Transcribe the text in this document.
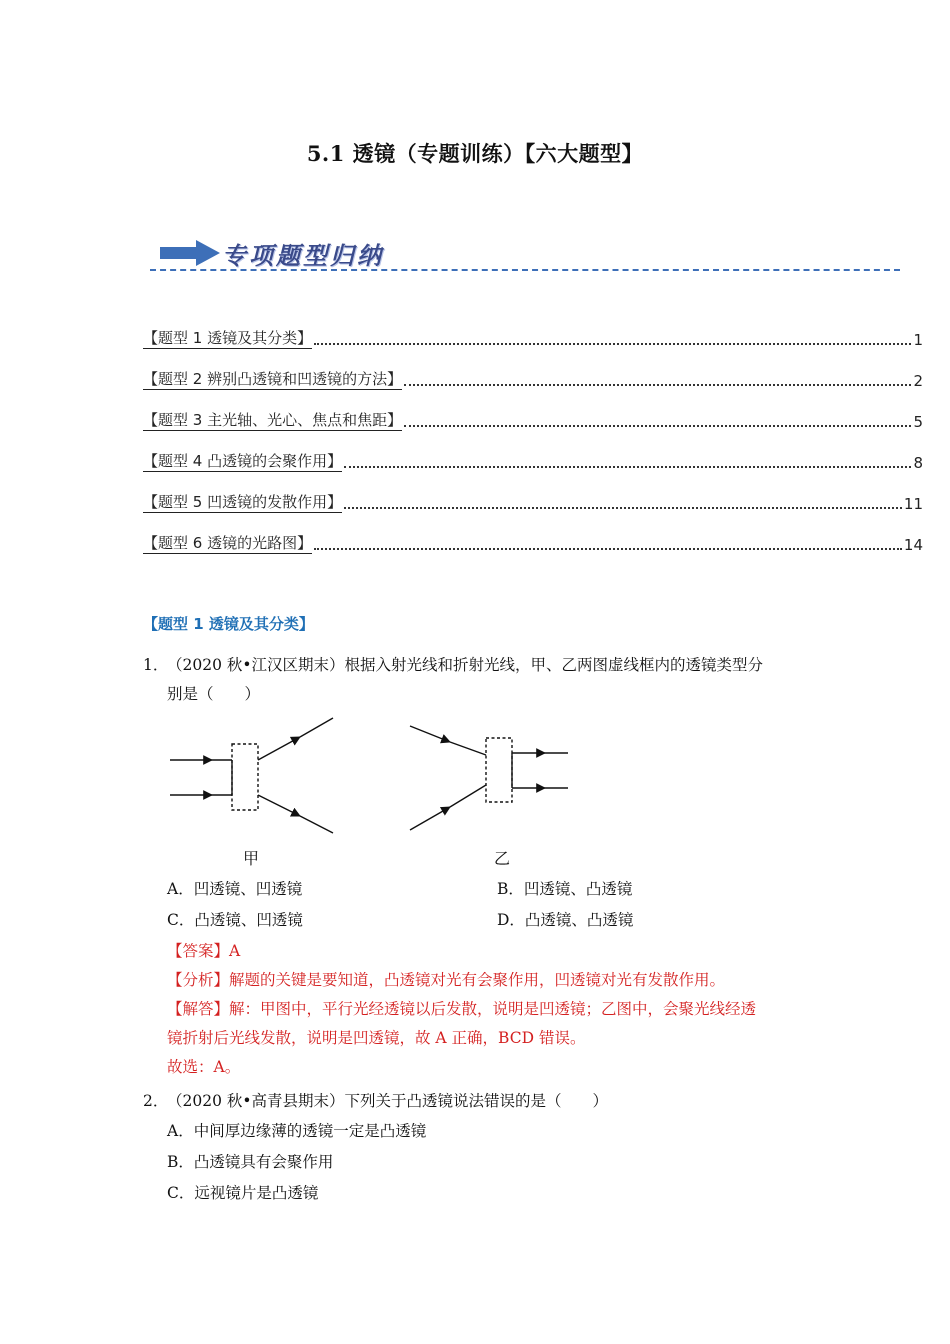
5.1 透镜（专题训练）【六大题型】
专项题型归纳
【题型 1 透镜及其分类】	1
【题型 2 辨别凸透镜和凹透镜的方法】	2
【题型 3 主光轴、光心、焦点和焦距】	5
【题型 4 凸透镜的会聚作用】	8
【题型 5 凹透镜的发散作用】	11
【题型 6 透镜的光路图】	14
【题型 1 透镜及其分类】
1．（2020 秋•江汉区期末）根据入射光线和折射光线，甲、乙两图虚线框内的透镜类型分
别是（　　）
甲	乙
A．凹透镜、凹透镜	B．凹透镜、凸透镜
C．凸透镜、凹透镜	D．凸透镜、凸透镜
【答案】A
【分析】解题的关键是要知道，凸透镜对光有会聚作用，凹透镜对光有发散作用。
【解答】解：甲图中，平行光经透镜以后发散，说明是凹透镜；乙图中，会聚光线经透
镜折射后光线发散，说明是凹透镜，故 A 正确，BCD 错误。
故选：A。
2．（2020 秋•高青县期末）下列关于凸透镜说法错误的是（　　）
A．中间厚边缘薄的透镜一定是凸透镜
B．凸透镜具有会聚作用
C．远视镜片是凸透镜
